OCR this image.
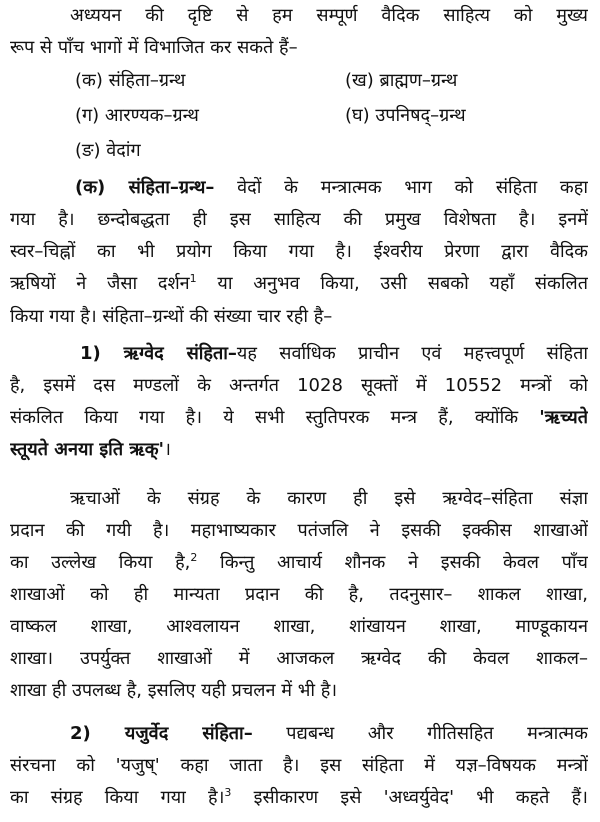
अध्ययन की दृष्टि से हम सम्पूर्ण वैदिक साहित्य को मुख्य
रूप से पाँच भागों में विभाजित कर सकते हैं–
(क) संहिता–ग्रन्थ	(ख) ब्राह्मण–ग्रन्थ
(ग) आरण्यक–ग्रन्थ	(घ) उपनिषद्–ग्रन्थ
(ङ) वेदांग
(क) संहिता–ग्रन्थ– वेदों के मन्त्रात्मक भाग को संहिता कहा
गया है। छन्दोबद्धता ही इस साहित्य की प्रमुख विशेषता है। इनमें
स्वर–चिह्नों का भी प्रयोग किया गया है। ईश्वरीय प्रेरणा द्वारा वैदिक
ऋषियों ने जैसा दर्शन$^1$ या अनुभव किया, उसी सबको यहाँ संकलित
किया गया है। संहिता–ग्रन्थों की संख्या चार रही है–
1) ऋग्वेद संहिता–यह सर्वाधिक प्राचीन एवं महत्त्वपूर्ण संहिता
है, इसमें दस मण्डलों के अन्तर्गत 1028 सूक्तों में 10552 मन्त्रों को
संकलित किया गया है। ये सभी स्तुतिपरक मन्त्र हैं, क्योंकि 'ऋच्यते
स्तूयते अनया इति ऋक्'।
ऋचाओं के संग्रह के कारण ही इसे ऋग्वेद–संहिता संज्ञा
प्रदान की गयी है। महाभाष्यकार पतंजलि ने इसकी इक्कीस शाखाओं
का उल्लेख किया है,$^2$ किन्तु आचार्य शौनक ने इसकी केवल पाँच
शाखाओं को ही मान्यता प्रदान की है, तदनुसार– शाकल शाखा,
वाष्कल शाखा, आश्वलायन शाखा, शांखायन शाखा, माण्डूकायन
शाखा। उपर्युक्त शाखाओं में आजकल ऋग्वेद की केवल शाकल–
शाखा ही उपलब्ध है, इसलिए यही प्रचलन में भी है।
2) यजुर्वेद संहिता– पद्यबन्ध और गीतिसहित मन्त्रात्मक
संरचना को 'यजुष्' कहा जाता है। इस संहिता में यज्ञ–विषयक मन्त्रों
का संग्रह किया गया है।$^3$ इसीकारण इसे 'अध्वर्युवेद' भी कहते हैं।
